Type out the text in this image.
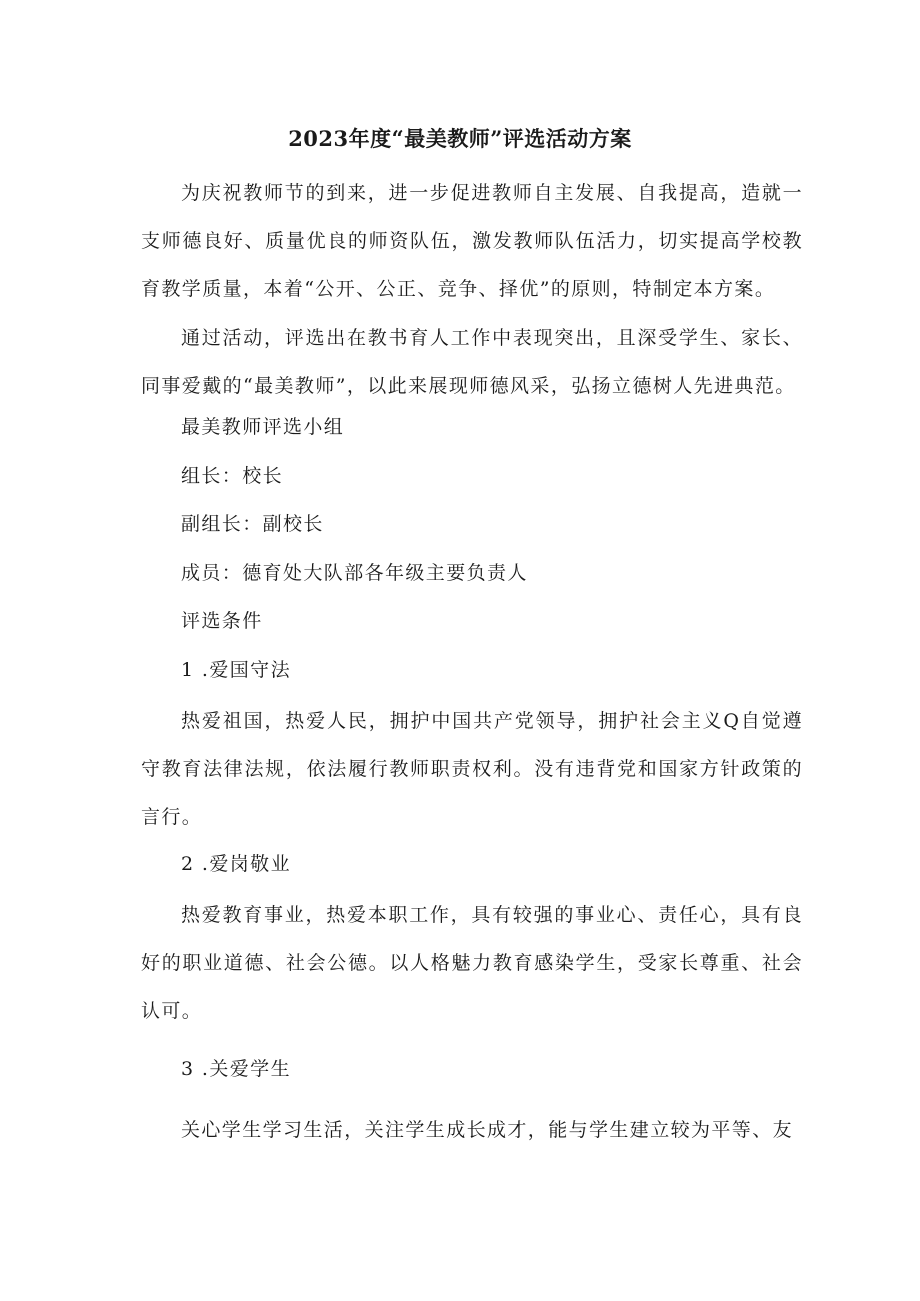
2023年度“最美教师”评选活动方案

为庆祝教师节的到来，进一步促进教师自主发展、自我提高，造就一支师德良好、质量优良的师资队伍，激发教师队伍活力，切实提高学校教育教学质量，本着“公开、公正、竞争、择优”的原则，特制定本方案。

通过活动，评选出在教书育人工作中表现突出，且深受学生、家长、同事爱戴的“最美教师”，以此来展现师德风采，弘扬立德树人先进典范。

最美教师评选小组

组长：校长

副组长：副校长

成员：德育处大队部各年级主要负责人

评选条件

1 .爱国守法

热爱祖国，热爱人民，拥护中国共产党领导，拥护社会主义Q自觉遵守教育法律法规，依法履行教师职责权利。没有违背党和国家方针政策的言行。

2 .爱岗敬业

热爱教育事业，热爱本职工作，具有较强的事业心、责任心，具有良好的职业道德、社会公德。以人格魅力教育感染学生，受家长尊重、社会认可。

3 .关爱学生

关心学生学习生活，关注学生成长成才，能与学生建立较为平等、友
